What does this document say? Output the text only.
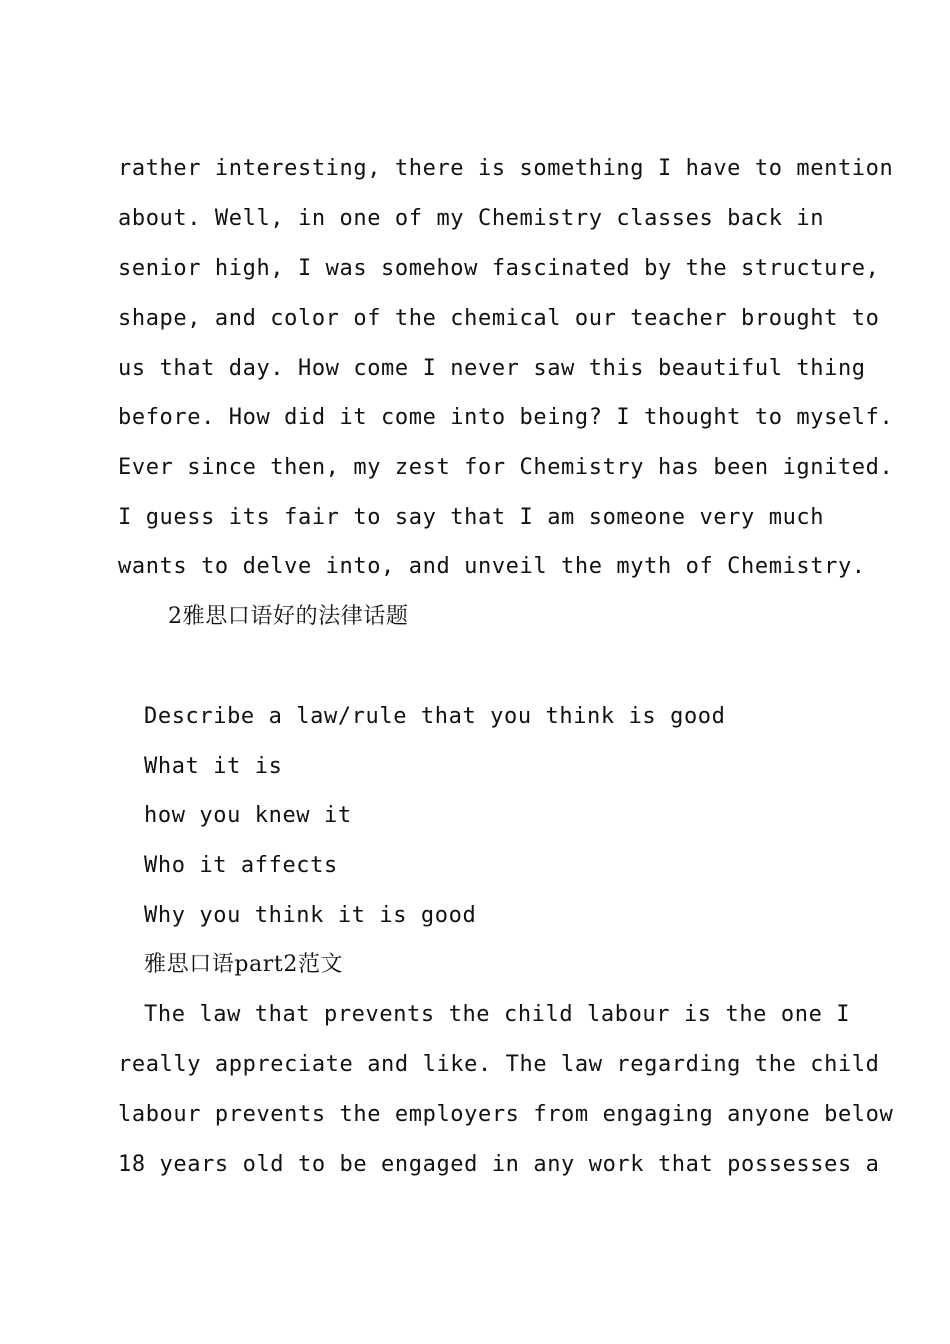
rather interesting, there is something I have to mention
about. Well, in one of my Chemistry classes back in
senior high, I was somehow fascinated by the structure,
shape, and color of the chemical our teacher brought to
us that day. How come I never saw this beautiful thing
before. How did it come into being? I thought to myself.
Ever since then, my zest for Chemistry has been ignited.
I guess its fair to say that I am someone very much
wants to delve into, and unveil the myth of Chemistry.
2雅思口语好的法律话题
Describe a law/rule that you think is good
What it is
how you knew it
Who it affects
Why you think it is good
雅思口语part2范文
The law that prevents the child labour is the one I
really appreciate and like. The law regarding the child
labour prevents the employers from engaging anyone below
18 years old to be engaged in any work that possesses a
